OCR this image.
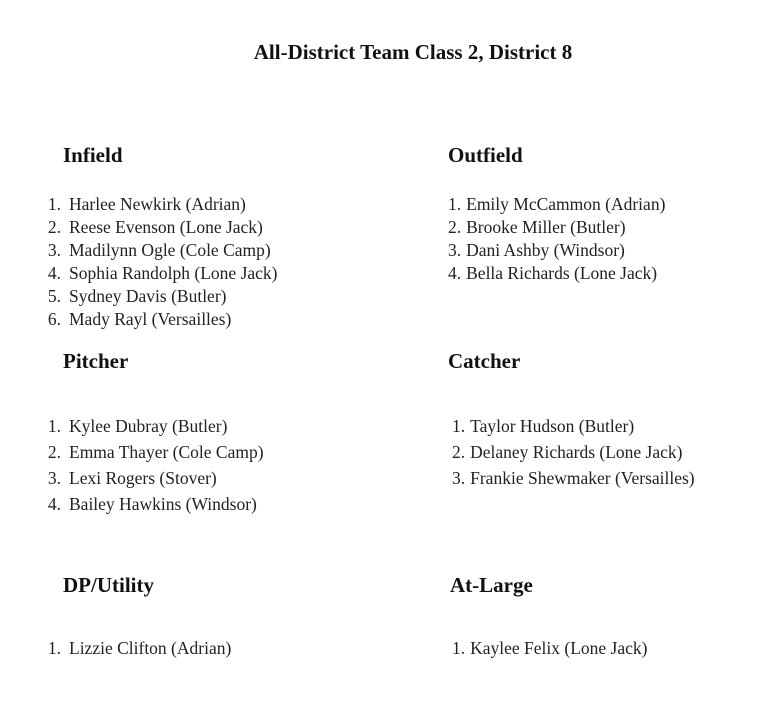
All-District Team Class 2, District 8
Infield
1. Harlee Newkirk (Adrian)
2. Reese Evenson (Lone Jack)
3. Madilynn Ogle (Cole Camp)
4. Sophia Randolph (Lone Jack)
5. Sydney Davis (Butler)
6. Mady Rayl (Versailles)
Outfield
1. Emily McCammon (Adrian)
2. Brooke Miller (Butler)
3. Dani Ashby (Windsor)
4. Bella Richards (Lone Jack)
Pitcher
1. Kylee Dubray (Butler)
2. Emma Thayer (Cole Camp)
3. Lexi Rogers (Stover)
4. Bailey Hawkins (Windsor)
Catcher
1. Taylor Hudson (Butler)
2. Delaney Richards (Lone Jack)
3. Frankie Shewmaker (Versailles)
DP/Utility
1. Lizzie Clifton (Adrian)
At-Large
1. Kaylee Felix (Lone Jack)
